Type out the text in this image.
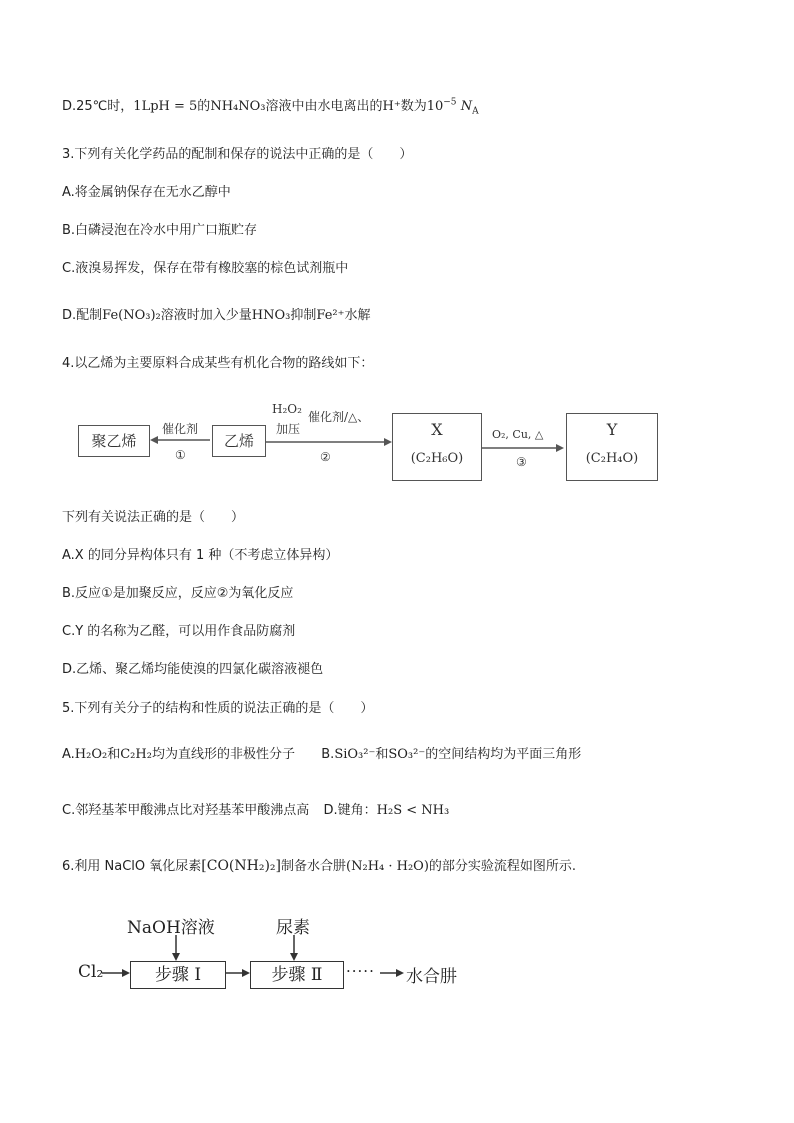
D.25℃时，1LpH = 5的NH₄NO₃溶液中由水电离出的H⁺数为$10^{-5}$ $N_A$
3.下列有关化学药品的配制和保存的说法中正确的是（　　）
A.将金属钠保存在无水乙醇中
B.白磷浸泡在冷水中用广口瓶贮存
C.液溴易挥发，保存在带有橡胶塞的棕色试剂瓶中
D.配制Fe(NO₃)₂溶液时加入少量HNO₃抑制Fe²⁺水解
4.以乙烯为主要原料合成某些有机化合物的路线如下：
聚乙烯	乙烯
催化剂
①
H₂O₂
催化剂/△、
加压
②
X
(C₂H₆O)
O₂, Cu, △
③
Y
(C₂H₄O)
下列有关说法正确的是（　　）
A.X 的同分异构体只有 1 种（不考虑立体异构）
B.反应①是加聚反应，反应②为氧化反应
C.Y 的名称为乙醛，可以用作食品防腐剂
D.乙烯、聚乙烯均能使溴的四氯化碳溶液褪色
5.下列有关分子的结构和性质的说法正确的是（　　）
A.H₂O₂和C₂H₂均为直线形的非极性分子 B.SiO₃²⁻和SO₃²⁻的空间结构均为平面三角形
C.邻羟基苯甲酸沸点比对羟基苯甲酸沸点高 D.键角：H₂S < NH₃
6.利用 NaClO 氧化尿素[CO(NH₂)₂]制备水合肼(N₂H₄ · H₂O)的部分实验流程如图所示.
NaOH溶液	尿素
Cl₂	步骤 Ⅰ	步骤 Ⅱ	····· 水合肼
